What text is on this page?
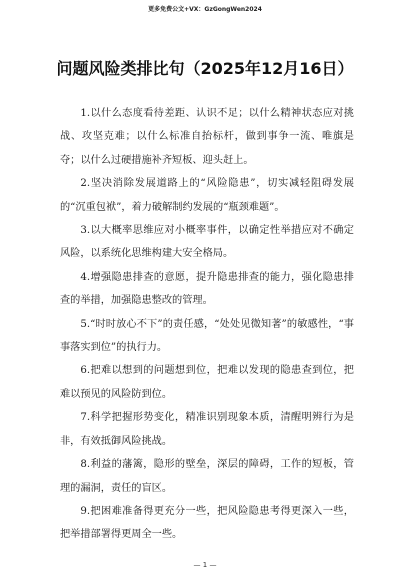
更多免费公文+VX：GzGongWen2024
问题风险类排比句（2025年12月16日）

1.以什么态度看待差距、认识不足；以什么精神状态应对挑战、攻坚克难；以什么标准自抬标杆，做到事争一流、唯旗是夺；以什么过硬措施补齐短板、迎头赶上。

2.坚决消除发展道路上的“风险隐患”，切实减轻阻碍发展的“沉重包袱”，着力破解制约发展的“瓶颈难题”。

3.以大概率思维应对小概率事件，以确定性举措应对不确定风险，以系统化思维构建大安全格局。

4.增强隐患排查的意愿，提升隐患排查的能力，强化隐患排查的举措，加强隐患整改的管理。

5.“时时放心不下”的责任感，“处处见微知著”的敏感性，“事事落实到位”的执行力。

6.把难以想到的问题想到位，把难以发现的隐患查到位，把难以预见的风险防到位。

7.科学把握形势变化，精准识别现象本质，清醒明辨行为是非，有效抵御风险挑战。

8.利益的藩篱，隐形的壁垒，深层的障碍，工作的短板，管理的漏洞，责任的盲区。

9.把困难准备得更充分一些，把风险隐患考得更深入一些，把举措部署得更周全一些。

— 1 —
